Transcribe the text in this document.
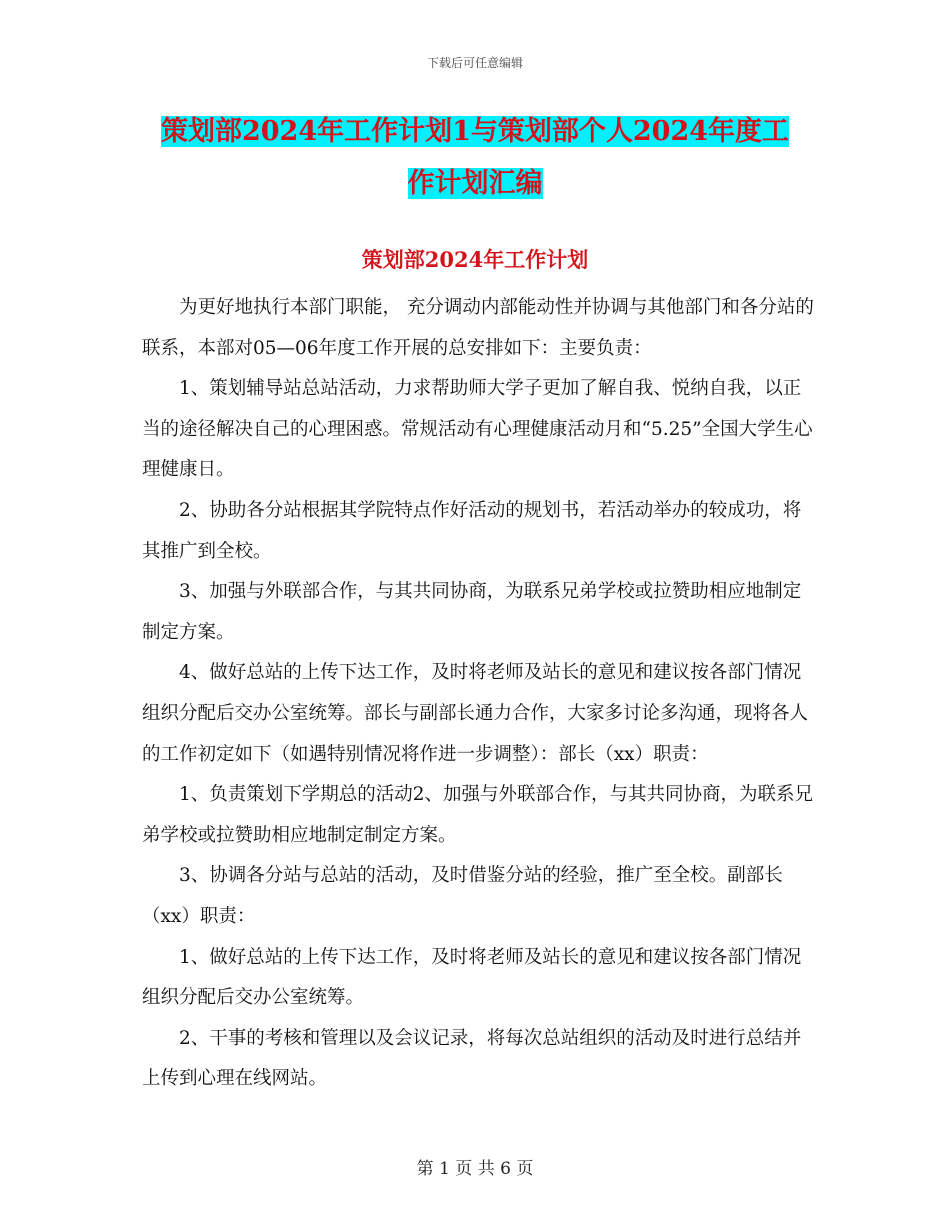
下载后可任意编辑
策划部2024年工作计划1与策划部个人2024年度工
作计划汇编
策划部2024年工作计划

为更好地执行本部门职能， 充分调动内部能动性并协调与其他部门和各分站的联系，本部对05—06年度工作开展的总安排如下：主要负责：

1、策划辅导站总站活动，力求帮助师大学子更加了解自我、悦纳自我，以正当的途径解决自己的心理困惑。常规活动有心理健康活动月和“5.25”全国大学生心理健康日。

2、协助各分站根据其学院特点作好活动的规划书，若活动举办的较成功，将其推广到全校。

3、加强与外联部合作，与其共同协商，为联系兄弟学校或拉赞助相应地制定制定方案。

4、做好总站的上传下达工作，及时将老师及站长的意见和建议按各部门情况组织分配后交办公室统筹。部长与副部长通力合作，大家多讨论多沟通，现将各人的工作初定如下（如遇特别情况将作进一步调整）：部长（xx）职责：

1、负责策划下学期总的活动2、加强与外联部合作，与其共同协商，为联系兄弟学校或拉赞助相应地制定制定方案。

3、协调各分站与总站的活动，及时借鉴分站的经验，推广至全校。副部长（xx）职责：

1、做好总站的上传下达工作，及时将老师及站长的意见和建议按各部门情况组织分配后交办公室统筹。

2、干事的考核和管理以及会议记录，将每次总站组织的活动及时进行总结并上传到心理在线网站。

第 1 页 共 6 页
